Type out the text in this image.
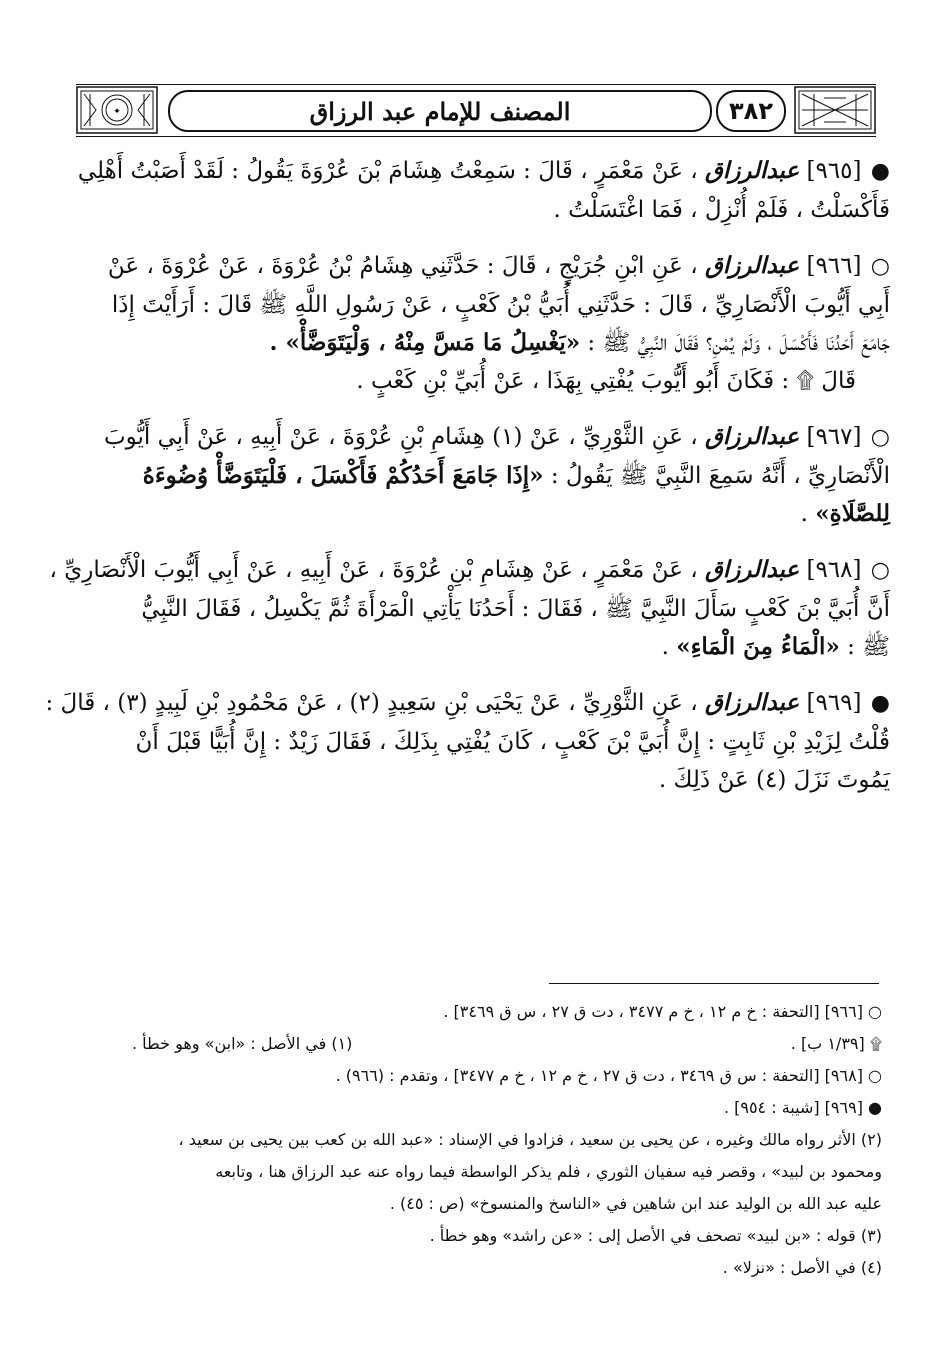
✦	المصنف للإمام عبد الرزاق	٣٨٢
● [٩٦٥] عبدالرزاق ، عَنْ مَعْمَرٍ ، قَالَ : سَمِعْتُ هِشَامَ بْنَ عُرْوَةَ يَقُولُ : لَقَدْ أَصَبْتُ أَهْلِي
فَأَكْسَلْتُ ، فَلَمْ أُنْزِلْ ، فَمَا اغْتَسَلْتُ .
○ [٩٦٦] عبدالرزاق ، عَنِ ابْنِ جُرَيْجٍ ، قَالَ : حَدَّثَنِي هِشَامُ بْنُ عُرْوَةَ ، عَنْ عُرْوَةَ ، عَنْ
أَبِي أَيُّوبَ الْأَنْصَارِيِّ ، قَالَ : حَدَّثَنِي أُبَيُّ بْنُ كَعْبٍ ، عَنْ رَسُولِ اللَّهِ ﷺ قَالَ : أَرَأَيْتَ إِذَا
جَامَعَ أَحَدُنَا فَأَكْسَلَ ، وَلَمْ يُمْنِ؟ فَقَالَ النَّبِيُّ ﷺ : «يَغْسِلُ مَا مَسَّ مِنْهُ ، وَلْيَتَوَضَّأْ» .
قَالَ ۩ : فَكَانَ أَبُو أَيُّوبَ يُفْتِي بِهَذَا ، عَنْ أُبَيِّ بْنِ كَعْبٍ .
○ [٩٦٧] عبدالرزاق ، عَنِ الثَّوْرِيِّ ، عَنْ (١) هِشَامِ بْنِ عُرْوَةَ ، عَنْ أَبِيهِ ، عَنْ أَبِي أَيُّوبَ
الْأَنْصَارِيِّ ، أَنَّهُ سَمِعَ النَّبِيَّ ﷺ يَقُولُ : «إِذَا جَامَعَ أَحَدُكُمْ فَأَكْسَلَ ، فَلْيَتَوَضَّأْ وُضُوءَهُ
لِلصَّلَاةِ» .
○ [٩٦٨] عبدالرزاق ، عَنْ مَعْمَرٍ ، عَنْ هِشَامِ بْنِ عُرْوَةَ ، عَنْ أَبِيهِ ، عَنْ أَبِي أَيُّوبَ الْأَنْصَارِيِّ ،
أَنَّ أُبَيَّ بْنَ كَعْبٍ سَأَلَ النَّبِيَّ ﷺ ، فَقَالَ : أَحَدُنَا يَأْتِي الْمَرْأَةَ ثُمَّ يَكْسِلُ ، فَقَالَ النَّبِيُّ
ﷺ : «الْمَاءُ مِنَ الْمَاءِ» .
● [٩٦٩] عبدالرزاق ، عَنِ الثَّوْرِيِّ ، عَنْ يَحْيَى بْنِ سَعِيدٍ (٢) ، عَنْ مَحْمُودِ بْنِ لَبِيدٍ (٣) ، قَالَ :
قُلْتُ لِزَيْدِ بْنِ ثَابِتٍ : إِنَّ أُبَيَّ بْنَ كَعْبٍ ، كَانَ يُفْتِي بِذَلِكَ ، فَقَالَ زَيْدٌ : إِنَّ أُبَيًّا قَبْلَ أَنْ
يَمُوتَ نَزَلَ (٤) عَنْ ذَلِكَ .
○ [٩٦٦] [التحفة : خ م ١٢ ، خ م ٣٤٧٧ ، دت ق ٢٧ ، س ق ٣٤٦٩] .
۩ [١/٣٩ ب] .
(١) في الأصل : «ابن» وهو خطأ .
○ [٩٦٨] [التحفة : س ق ٣٤٦٩ ، دت ق ٢٧ ، خ م ١٢ ، خ م ٣٤٧٧] ، وتقدم : (٩٦٦) .
● [٩٦٩] [شيبة : ٩٥٤] .
(٢) الأثر رواه مالك وغيره ، عن يحيى بن سعيد ، فزادوا في الإسناد : «عبد الله بن كعب بين يحيى بن سعيد ،
ومحمود بن لبيد» ، وقصر فيه سفيان الثوري ، فلم يذكر الواسطة فيما رواه عنه عبد الرزاق هنا ، وتابعه
عليه عبد الله بن الوليد عند ابن شاهين في «الناسخ والمنسوخ» (ص : ٤٥) .
(٣) قوله : «بن لبيد» تصحف في الأصل إلى : «عن راشد» وهو خطأ .
(٤) في الأصل : «نزلا» .
